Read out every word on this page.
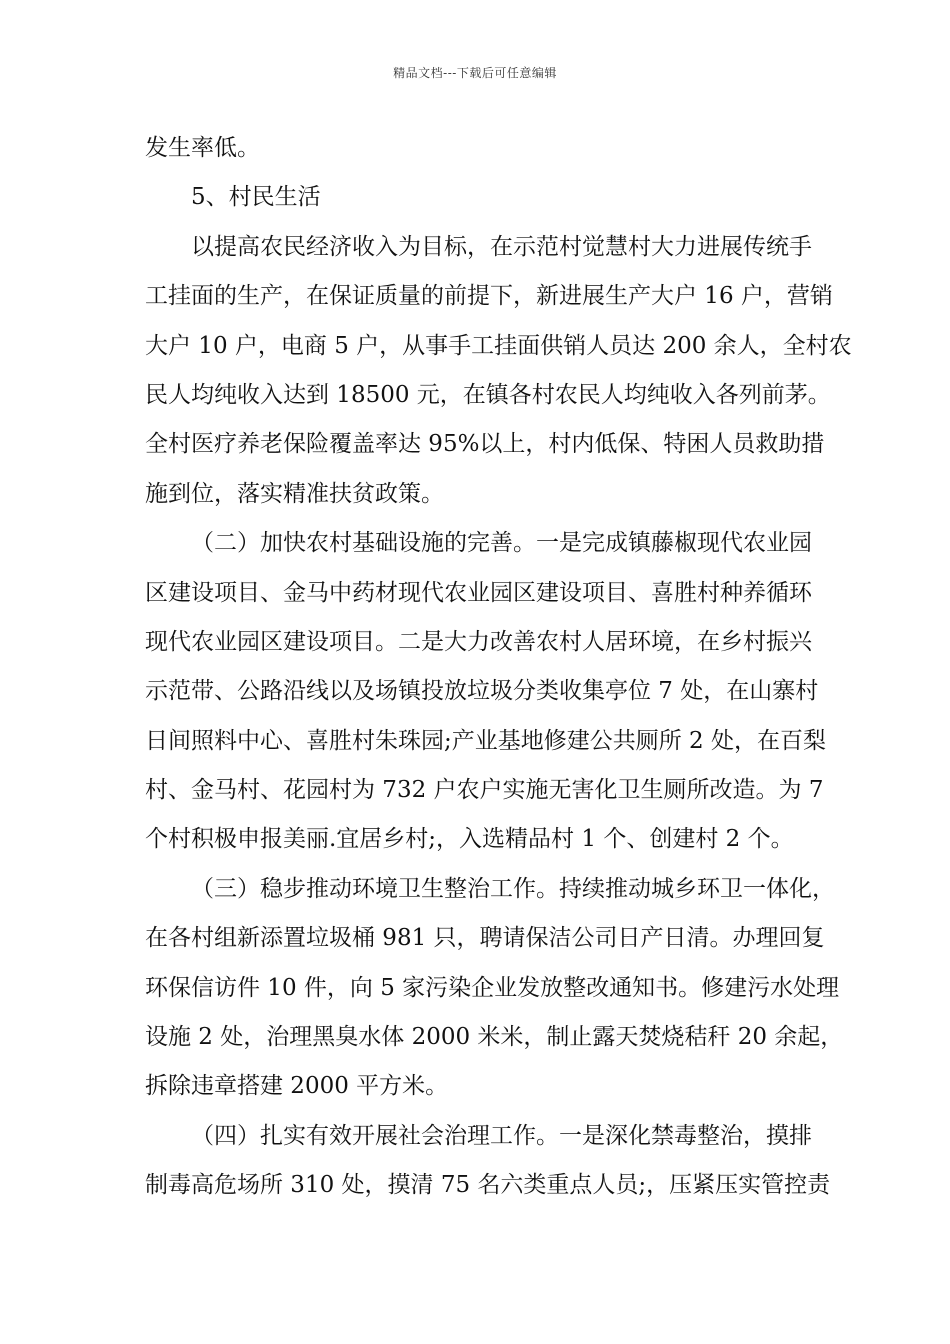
精品文档---下载后可任意编辑
发生率低。
5、村民生活
以提高农民经济收入为目标，在示范村觉慧村大力进展传统手
工挂面的生产，在保证质量的前提下，新进展生产大户 16 户，营销
大户 10 户，电商 5 户，从事手工挂面供销人员达 200 余人，全村农
民人均纯收入达到 18500 元，在镇各村农民人均纯收入各列前茅。
全村医疗养老保险覆盖率达 95%以上，村内低保、特困人员救助措
施到位，落实精准扶贫政策。
（二）加快农村基础设施的完善。一是完成镇藤椒现代农业园
区建设项目、金马中药材现代农业园区建设项目、喜胜村种养循环
现代农业园区建设项目。二是大力改善农村人居环境，在乡村振兴
示范带、公路沿线以及场镇投放垃圾分类收集亭位 7 处，在山寨村
日间照料中心、喜胜村朱珠园;产业基地修建公共厕所 2 处，在百梨
村、金马村、花园村为 732 户农户实施无害化卫生厕所改造。为 7
个村积极申报美丽.宜居乡村;，入选精品村 1 个、创建村 2 个。
（三）稳步推动环境卫生整治工作。持续推动城乡环卫一体化，
在各村组新添置垃圾桶 981 只，聘请保洁公司日产日清。办理回复
环保信访件 10 件，向 5 家污染企业发放整改通知书。修建污水处理
设施 2 处，治理黑臭水体 2000 米米，制止露天焚烧秸秆 20 余起，
拆除违章搭建 2000 平方米。
（四）扎实有效开展社会治理工作。一是深化禁毒整治，摸排
制毒高危场所 310 处，摸清 75 名六类重点人员;，压紧压实管控责
